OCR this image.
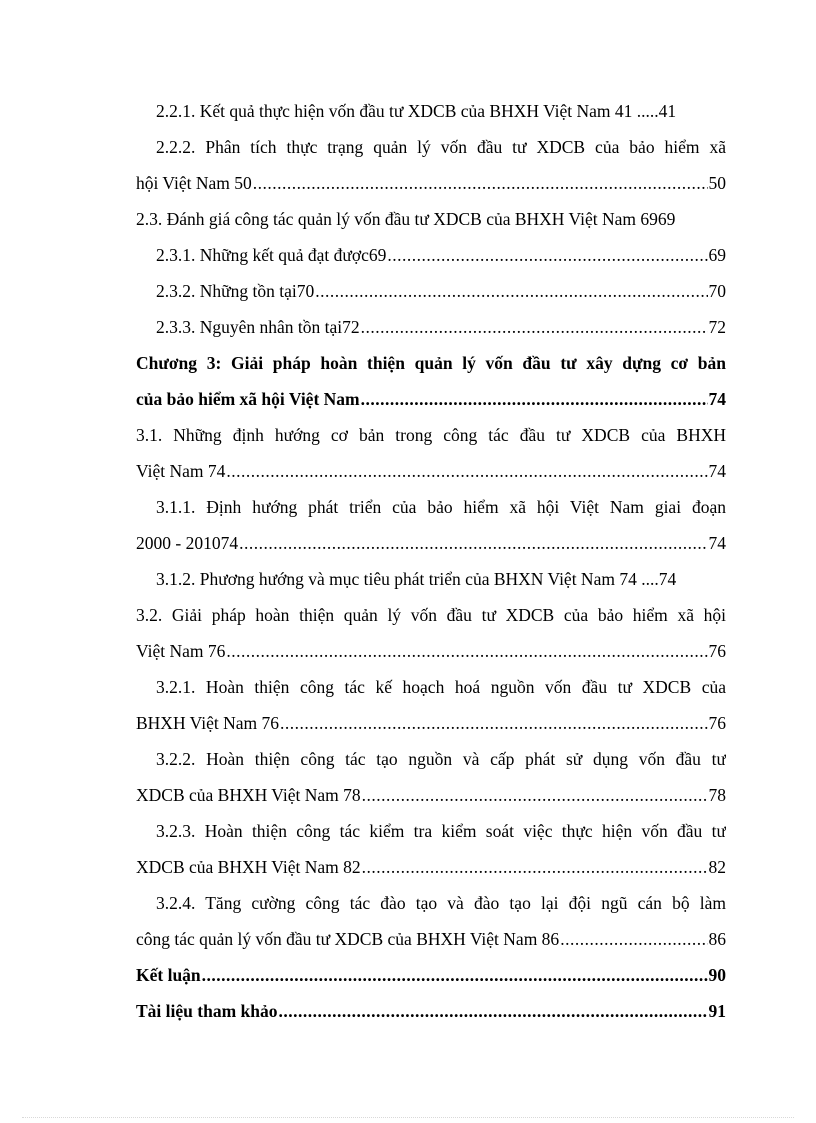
2.2.1. Kết quả thực hiện vốn đầu tư XDCB của BHXH Việt Nam 41 ..... 41
2.2.2. Phân tích thực trạng quản lý vốn đầu tư XDCB của bảo hiểm xã
hội Việt Nam 50 .....	50
2.3. Đánh giá công tác quản lý vốn đầu tư XDCB của BHXH Việt Nam 6969
2.3.1. Những kết quả đạt được69 .....	69
2.3.2. Những tồn tại70 .....	70
2.3.3. Nguyên nhân tồn tại72 .....	72
Chương 3: Giải pháp hoàn thiện quản lý vốn đầu tư xây dựng cơ bản
của bảo hiểm xã hội Việt Nam .....	74
3.1. Những định hướng cơ bản trong công tác đầu tư XDCB của BHXH
Việt Nam 74 .....	74
3.1.1. Định hướng phát triển của bảo hiểm xã hội Việt Nam giai đoạn
2000 - 201074 .....	74
3.1.2. Phương hướng và mục tiêu phát triển của BHXN Việt Nam 74 .... 74
3.2. Giải pháp hoàn thiện quản lý vốn đầu tư XDCB của bảo hiểm xã hội
Việt Nam 76 .....	76
3.2.1. Hoàn thiện công tác kế hoạch hoá nguồn vốn đầu tư XDCB của
BHXH Việt Nam 76 .....	76
3.2.2. Hoàn thiện công tác tạo nguồn và cấp phát sử dụng vốn đầu tư
XDCB của BHXH Việt Nam 78 .....	78
3.2.3. Hoàn thiện công tác kiểm tra kiểm soát việc thực hiện vốn đầu tư
XDCB của BHXH Việt Nam 82 .....	82
3.2.4. Tăng cường công tác đào tạo và đào tạo lại đội ngũ cán bộ làm
công tác quản lý vốn đầu tư XDCB của BHXH Việt Nam 86 .....	86
Kết luận .....	90
Tài liệu tham khảo .....	91
